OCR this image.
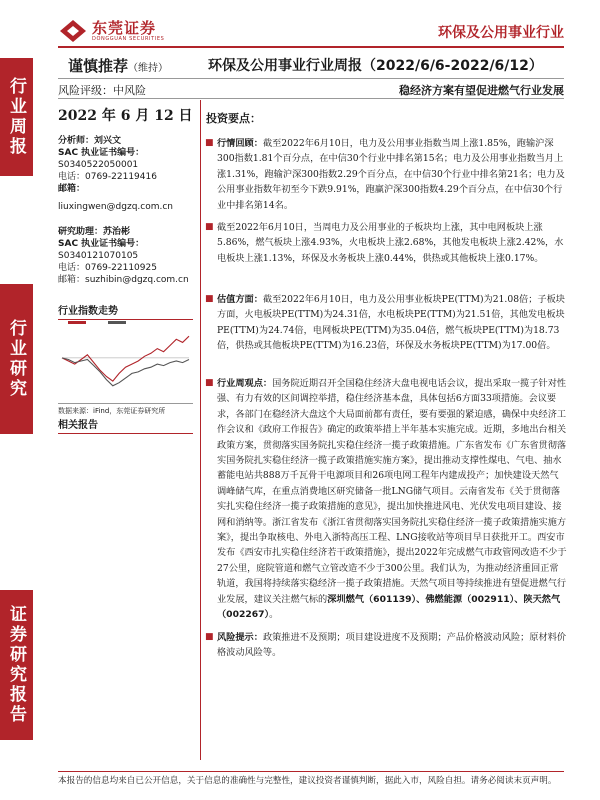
东莞证券
DONGGUAN SECURITIES	环保及公用事业行业
行业周报
行业研究
证券研究报告
谨慎推荐（维持）	环保及公用事业行业周报（2022/6/6-2022/6/12）
风险评级：中风险	稳经济方案有望促进燃气行业发展
2022 年 6 月 12 日
分析师：刘兴文
SAC 执业证书编号：
S0340522050001
电话：0769-22119416
邮箱：
liuxingwen@dgzq.com.cn
研究助理：苏治彬
SAC 执业证书编号：
S0340121070105
电话：0769-22110925
邮箱：suzhibin@dgzq.com.cn
行业指数走势
数据来源：iFind，东莞证券研究所
相关报告
投资要点：
■ 行情回顾：截至2022年6月10日，电力及公用事业指数当周上涨1.85%，跑输沪深300指数1.81个百分点，在中信30个行业中排名第15名；电力及公用事业指数当月上涨1.31%，跑输沪深300指数2.29个百分点，在中信30个行业中排名第21名；电力及公用事业指数年初至今下跌9.91%，跑赢沪深300指数4.29个百分点，在中信30个行业中排名第14名。
■ 截至2022年6月10日，当周电力及公用事业的子板块均上涨，其中电网板块上涨5.86%，燃气板块上涨4.93%，火电板块上涨2.68%，其他发电板块上涨2.42%，水电板块上涨1.13%，环保及水务板块上涨0.44%，供热或其他板块上涨0.17%。
■ 估值方面：截至2022年6月10日，电力及公用事业板块PE(TTM)为21.08倍；子板块方面，火电板块PE(TTM)为24.31倍，水电板块PE(TTM)为21.51倍，其他发电板块PE(TTM)为24.74倍，电网板块PE(TTM)为35.04倍，燃气板块PE(TTM)为18.73倍，供热或其他板块PE(TTM)为16.23倍，环保及水务板块PE(TTM)为17.00倍。
■ 行业周观点：国务院近期召开全国稳住经济大盘电视电话会议，提出采取一揽子针对性强、有力有效的区间调控举措，稳住经济基本盘，具体包括6方面33项措施。会议要求，各部门在稳经济大盘这个大局面前都有责任，要有要强的紧迫感，确保中央经济工作会议和《政府工作报告》确定的政策举措上半年基本实施完成。近期，多地出台相关政策方案，贯彻落实国务院扎实稳住经济一揽子政策措施。广东省发布《广东省贯彻落实国务院扎实稳住经济一揽子政策措施实施方案》，提出推动支撑性煤电、气电、抽水蓄能电站共888万千瓦骨干电源项目和26项电网工程年内建成投产；加快建设天然气调峰储气库，在重点消费地区研究储备一批LNG储气项目。云南省发布《关于贯彻落实扎实稳住经济一揽子政策措施的意见》，提出加快推进风电、光伏发电项目建设、接网和消纳等。浙江省发布《浙江省贯彻落实国务院扎实稳住经济一揽子政策措施实施方案》，提出争取核电、外电入浙特高压工程、LNG接收站等项目早日获批开工。西安市发布《西安市扎实稳住经济若干政策措施》，提出2022年完成燃气市政管网改造不少于27公里，庭院管道和燃气立管改造不少于300公里。我们认为，为推动经济重回正常轨道，我国将持续落实稳经济一揽子政策措施。天然气项目等持续推进有望促进燃气行业发展，建议关注燃气标的深圳燃气（601139）、佛燃能源（002911）、陕天然气（002267）。
■ 风险提示：政策推进不及预期；项目建设进度不及预期；产品价格波动风险；原材料价格波动风险等。
本报告的信息均来自已公开信息，关于信息的准确性与完整性，建议投资者谨慎判断，据此入市，风险自担。请务必阅读末页声明。
